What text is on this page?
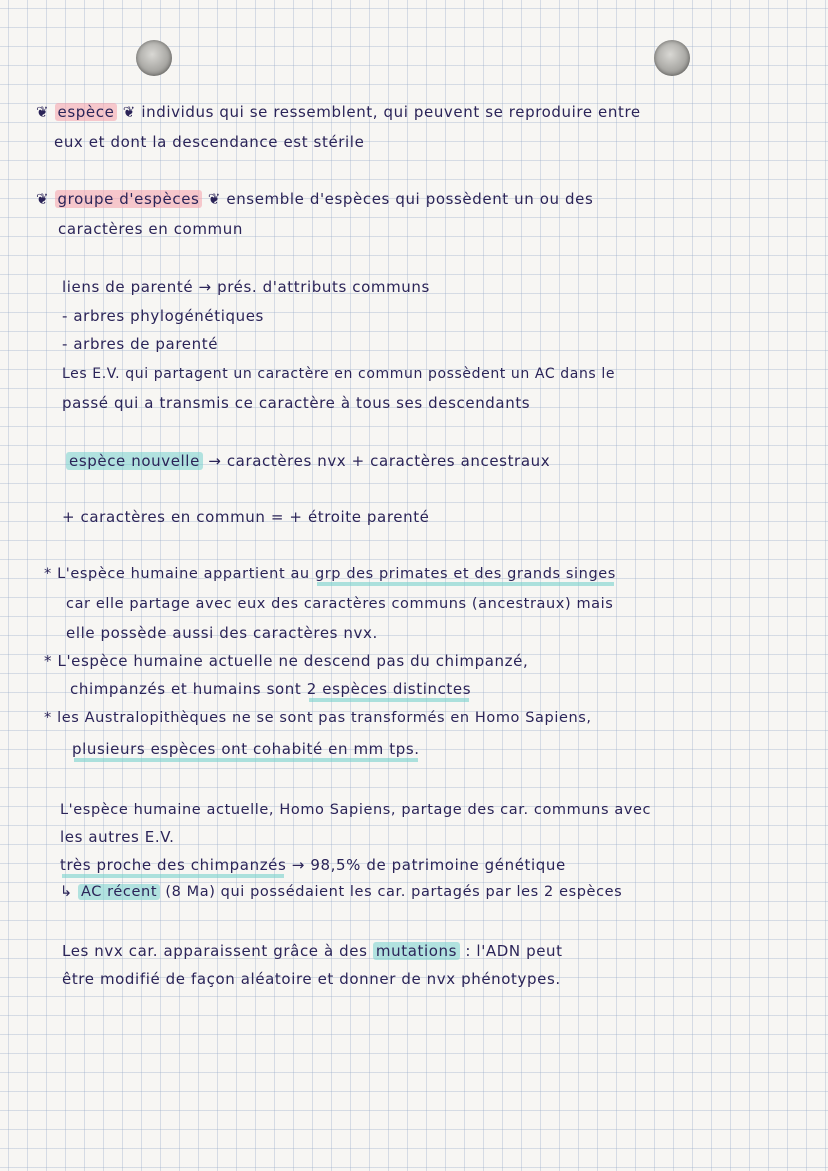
❦ espèce ❦ individus qui se ressemblent, qui peuvent se reproduire entre
eux et dont la descendance est stérile
❦ groupe d'espèces ❦ ensemble d'espèces qui possèdent un ou des
caractères en commun
liens de parenté → prés. d'attributs communs
- arbres phylogénétiques
- arbres de parenté
Les E.V. qui partagent un caractère en commun possèdent un AC dans le
passé qui a transmis ce caractère à tous ses descendants
espèce nouvelle → caractères nvx + caractères ancestraux
+ caractères en commun = + étroite parenté
* L'espèce humaine appartient au grp des primates et des grands singes
car elle partage avec eux des caractères communs (ancestraux) mais
elle possède aussi des caractères nvx.
* L'espèce humaine actuelle ne descend pas du chimpanzé,
chimpanzés et humains sont 2 espèces distinctes
* les Australopithèques ne se sont pas transformés en Homo Sapiens,
plusieurs espèces ont cohabité en mm tps.
L'espèce humaine actuelle, Homo Sapiens, partage des car. communs avec
les autres E.V.
très proche des chimpanzés → 98,5% de patrimoine génétique
↳ AC récent (8 Ma) qui possédaient les car. partagés par les 2 espèces
Les nvx car. apparaissent grâce à des mutations : l'ADN peut
être modifié de façon aléatoire et donner de nvx phénotypes.
